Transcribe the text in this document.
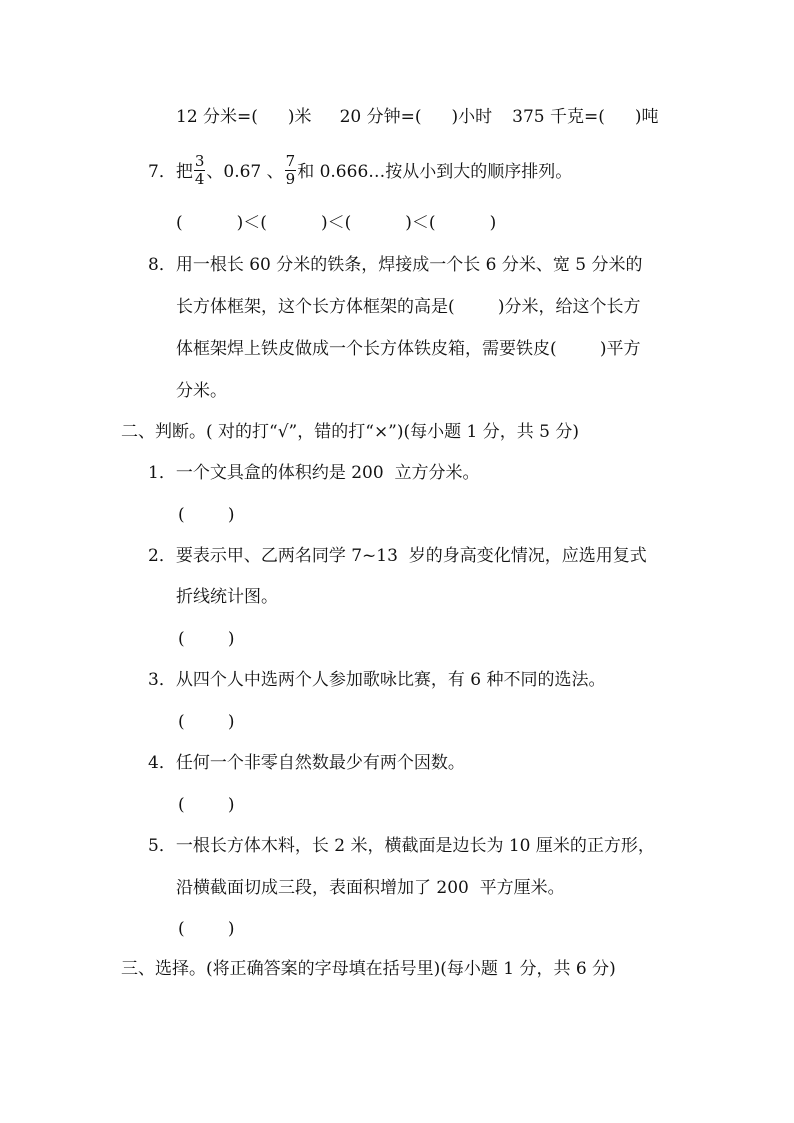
12 分米=( )米 20 分钟=( )小时 375 千克=( )吨
7．把 $\frac{3}{4}$ 、0.67 、 $\frac{7}{9}$ 和 0.666…按从小到大的顺序排列。
(          )＜(          )＜(          )＜(          )
8．用一根长 60 分米的铁条，焊接成一个长 6 分米、宽 5 分米的
长方体框架，这个长方体框架的高是(        )分米，给这个长方
体框架焊上铁皮做成一个长方体铁皮箱，需要铁皮(        )平方
分米。
二、判断。( 对的打“√”，错的打“×”)(每小题 1 分，共 5 分)
1．一个文具盒的体积约是 200  立方分米。
(        )
2．要表示甲、乙两名同学 7~13  岁的身高变化情况，应选用复式
折线统计图。
(        )
3．从四个人中选两个人参加歌咏比赛，有 6 种不同的选法。
(        )
4．任何一个非零自然数最少有两个因数。
(        )
5．一根长方体木料，长 2 米，横截面是边长为 10 厘米的正方形，
沿横截面切成三段，表面积增加了 200  平方厘米。
(        )
三、选择。(将正确答案的字母填在括号里)(每小题 1 分，共 6 分)
